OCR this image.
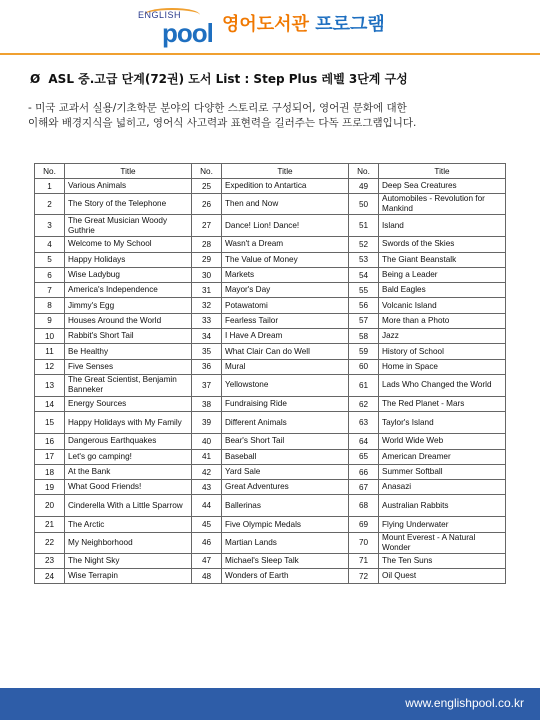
ENGLISH
pool 영어도서관 프로그램
Ø ASL 중.고급 단계(72권) 도서 List : Step Plus 레벨 3단계 구성
- 미국 교과서 실용/기초학문 분야의 다양한 스토리로 구성되어, 영어권 문화에 대한
이해와 배경지식을 넓히고, 영어식 사고력과 표현력을 길러주는 다독 프로그램입니다.
No.	Title	No.	Title	No.	Title
1	Various Animals	25	Expedition to Antartica	49	Deep Sea Creatures
2	The Story of the Telephone	26	Then and Now	50	Automobiles - Revolution for Mankind
3	The Great Musician Woody Guthrie	27	Dance! Lion! Dance!	51	Island
4	Welcome to My School	28	Wasn't a Dream	52	Swords of the Skies
5	Happy Holidays	29	The Value of Money	53	The Giant Beanstalk
6	Wise Ladybug	30	Markets	54	Being a Leader
7	America's Independence	31	Mayor's Day	55	Bald Eagles
8	Jimmy's Egg	32	Potawatomi	56	Volcanic Island
9	Houses Around the World	33	Fearless Tailor	57	More than a Photo
10	Rabbit's Short Tail	34	I Have A Dream	58	Jazz
11	Be Healthy	35	What Clair Can do Well	59	History of School
12	Five Senses	36	Mural	60	Home in Space
13	The Great Scientist, Benjamin Banneker	37	Yellowstone	61	Lads Who Changed the World
14	Energy Sources	38	Fundraising Ride	62	The Red Planet - Mars
15	Happy Holidays with My Family	39	Different Animals	63	Taylor's Island
16	Dangerous Earthquakes	40	Bear's Short Tail	64	World Wide Web
17	Let's go camping!	41	Baseball	65	American Dreamer
18	At the Bank	42	Yard Sale	66	Summer Softball
19	What Good Friends!	43	Great Adventures	67	Anasazi
20	Cinderella With a Little Sparrow	44	Ballerinas	68	Australian Rabbits
21	The Arctic	45	Five Olympic Medals	69	Flying Underwater
22	My Neighborhood	46	Martian Lands	70	Mount Everest - A Natural Wonder
23	The Night Sky	47	Michael's Sleep Talk	71	The Ten Suns
24	Wise Terrapin	48	Wonders of Earth	72	Oil Quest
www.englishpool.co.kr
